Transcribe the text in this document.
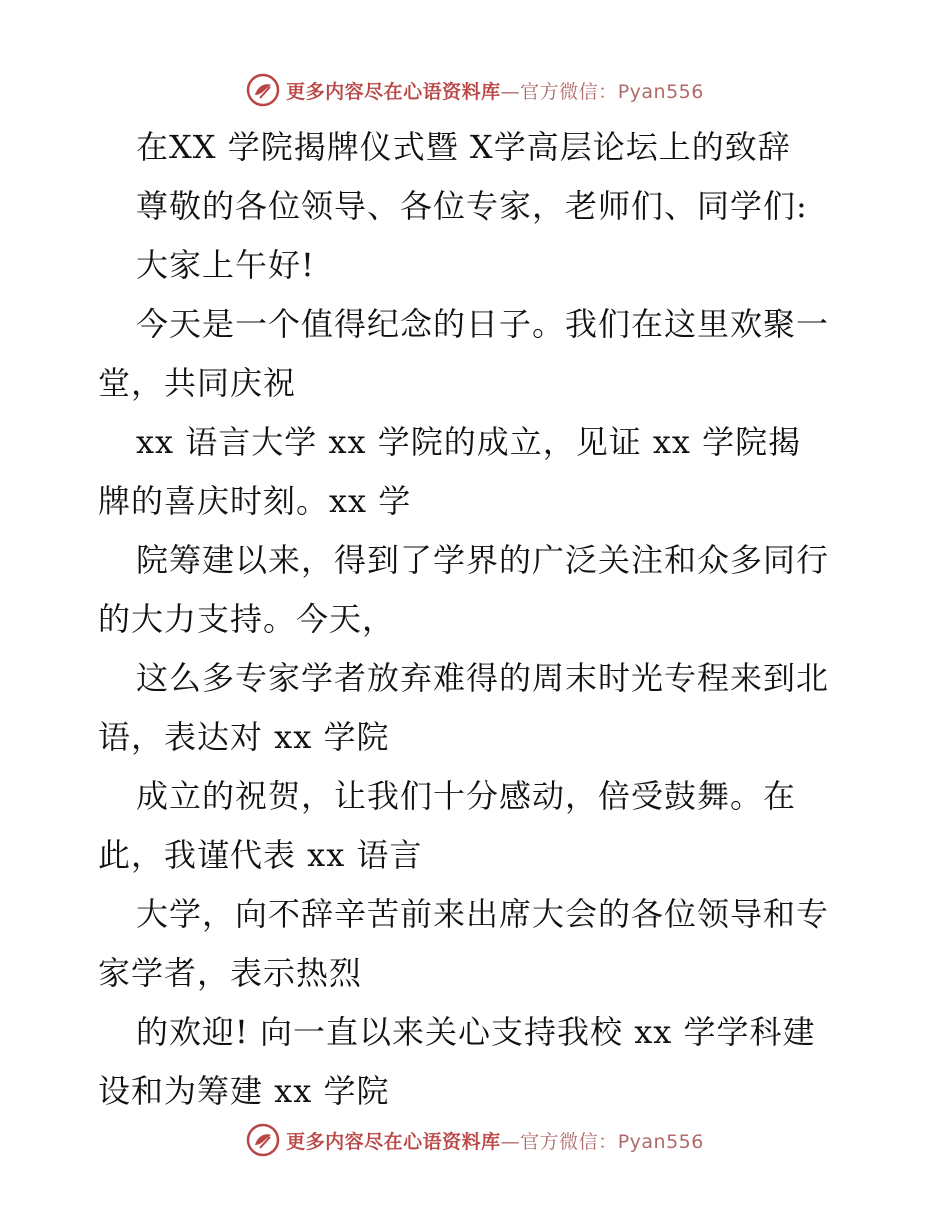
更多内容尽在心语资料库—官方微信：Pyan556
在XX 学院揭牌仪式暨 X学高层论坛上的致辞
尊敬的各位领导、各位专家，老师们、同学们:
大家上午好!
今天是一个值得纪念的日子。我们在这里欢聚一
堂，共同庆祝
xx 语言大学 xx 学院的成立，见证 xx 学院揭
牌的喜庆时刻。xx 学
院筹建以来，得到了学界的广泛关注和众多同行
的大力支持。今天，
这么多专家学者放弃难得的周末时光专程来到北
语，表达对 xx 学院
成立的祝贺，让我们十分感动，倍受鼓舞。在
此，我谨代表 xx 语言
大学，向不辞辛苦前来出席大会的各位领导和专
家学者，表示热烈
的欢迎! 向一直以来关心支持我校 xx 学学科建
设和为筹建 xx 学院
更多内容尽在心语资料库—官方微信：Pyan556
